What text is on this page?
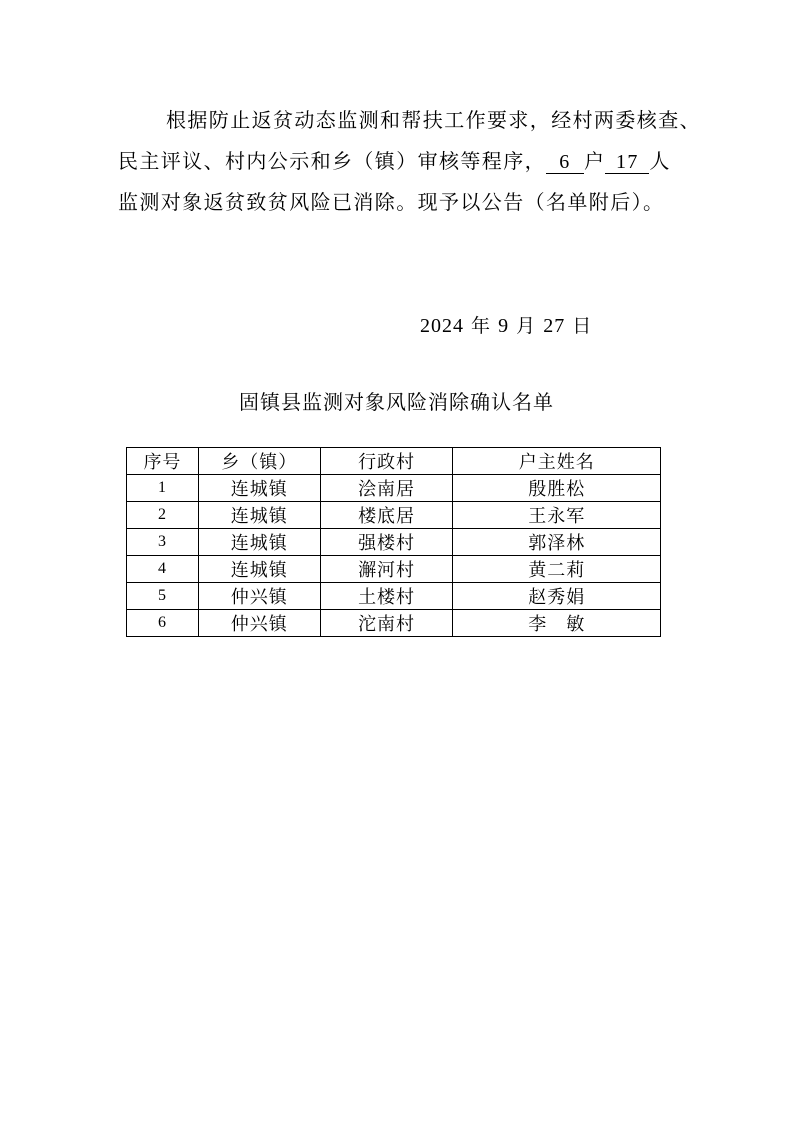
根据防止返贫动态监测和帮扶工作要求，经村两委核查、
民主评议、村内公示和乡（镇）审核等程序， 6 户 17 人
监测对象返贫致贫风险已消除。现予以公告（名单附后）。
2024 年 9 月 27 日
固镇县监测对象风险消除确认名单
序号	乡（镇）	行政村	户主姓名
1	连城镇	浍南居	殷胜松
2	连城镇	楼底居	王永军
3	连城镇	强楼村	郭泽林
4	连城镇	澥河村	黄二莉
5	仲兴镇	土楼村	赵秀娟
6	仲兴镇	沱南村	李　敏
